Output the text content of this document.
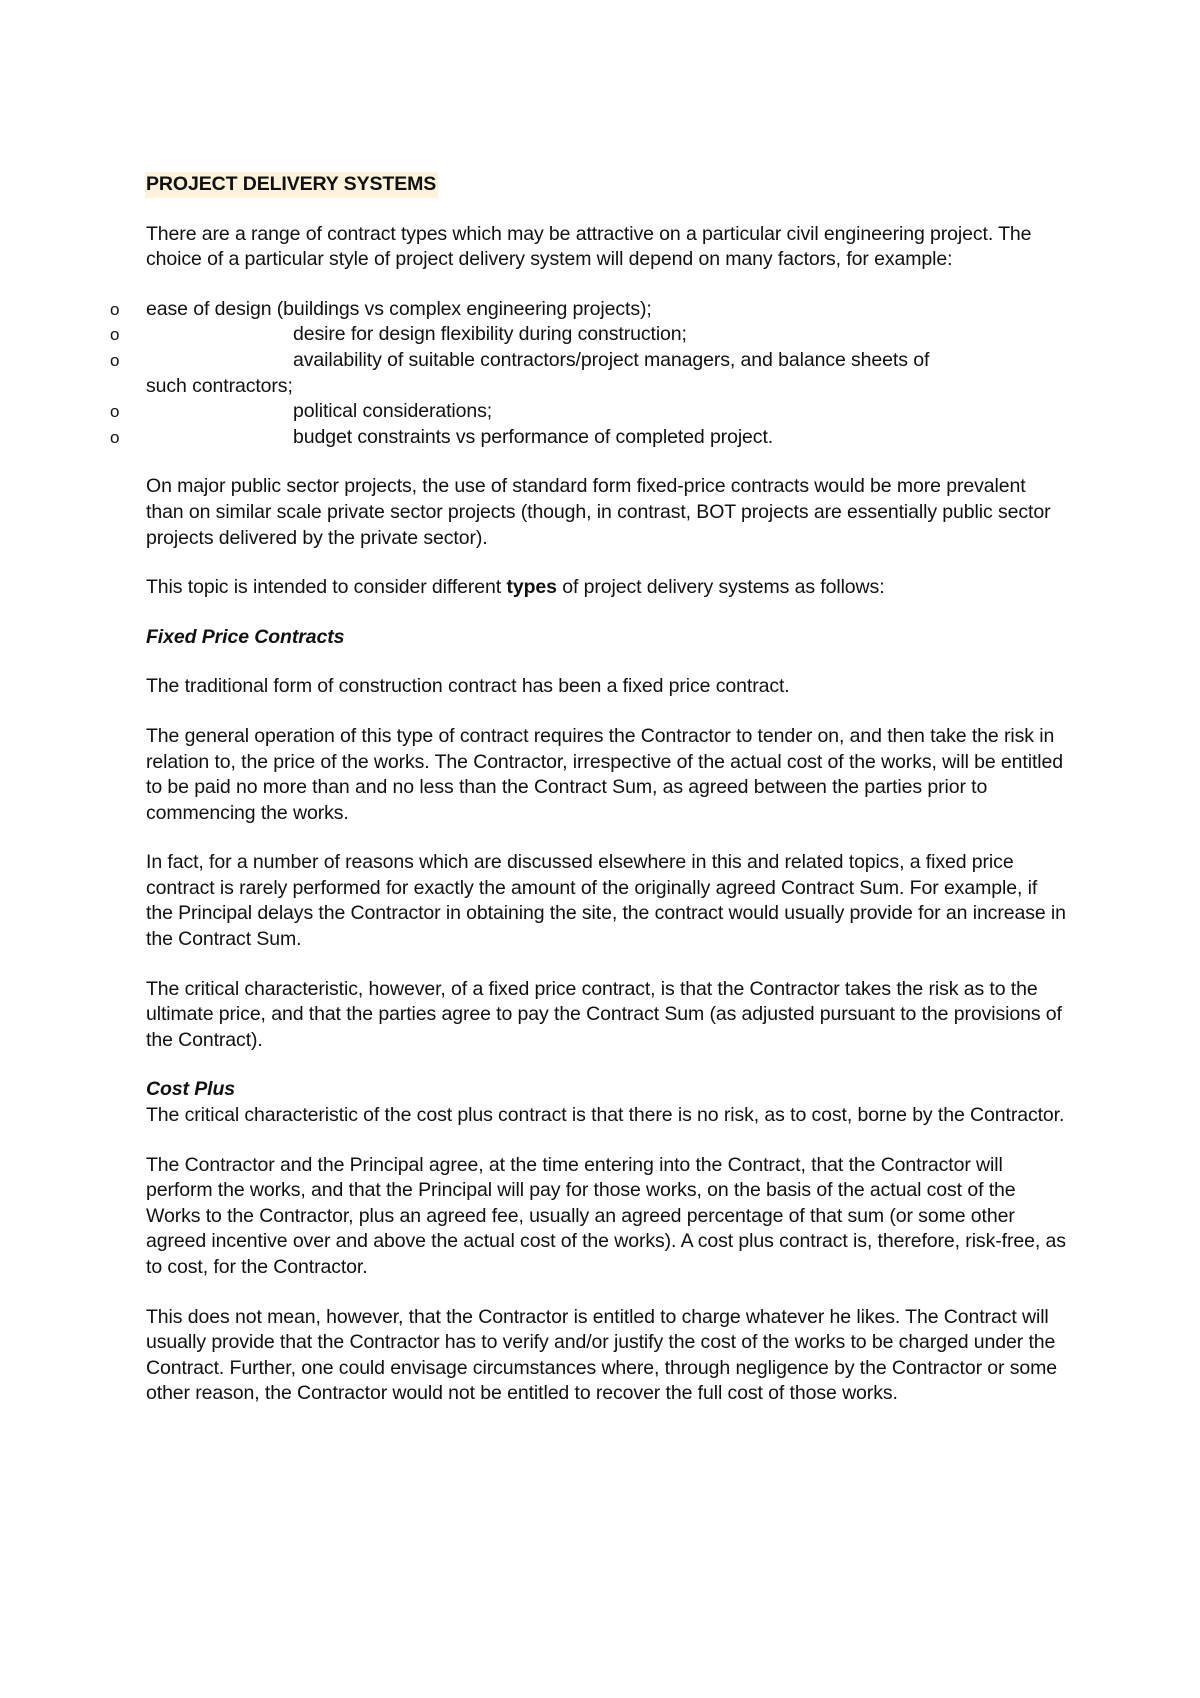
PROJECT DELIVERY SYSTEMS

There are a range of contract types which may be attractive on a particular civil engineering project. The choice of a particular style of project delivery system will depend on many factors, for example:

o ease of design (buildings vs complex engineering projects);
o	desire for design flexibility during construction;
o	availability of suitable contractors/project managers, and balance sheets of
such contractors;
o	political considerations;
o	budget constraints vs performance of completed project.

On major public sector projects, the use of standard form fixed-price contracts would be more prevalent than on similar scale private sector projects (though, in contrast, BOT projects are essentially public sector projects delivered by the private sector).

This topic is intended to consider different types of project delivery systems as follows:

Fixed Price Contracts

The traditional form of construction contract has been a fixed price contract.

The general operation of this type of contract requires the Contractor to tender on, and then take the risk in relation to, the price of the works. The Contractor, irrespective of the actual cost of the works, will be entitled to be paid no more than and no less than the Contract Sum, as agreed between the parties prior to commencing the works.

In fact, for a number of reasons which are discussed elsewhere in this and related topics, a fixed price contract is rarely performed for exactly the amount of the originally agreed Contract Sum. For example, if the Principal delays the Contractor in obtaining the site, the contract would usually provide for an increase in the Contract Sum.

The critical characteristic, however, of a fixed price contract, is that the Contractor takes the risk as to the ultimate price, and that the parties agree to pay the Contract Sum (as adjusted pursuant to the provisions of the Contract).

Cost Plus

The critical characteristic of the cost plus contract is that there is no risk, as to cost, borne by the Contractor.

The Contractor and the Principal agree, at the time entering into the Contract, that the Contractor will perform the works, and that the Principal will pay for those works, on the basis of the actual cost of the Works to the Contractor, plus an agreed fee, usually an agreed percentage of that sum (or some other agreed incentive over and above the actual cost of the works). A cost plus contract is, therefore, risk-free, as to cost, for the Contractor.

This does not mean, however, that the Contractor is entitled to charge whatever he likes. The Contract will usually provide that the Contractor has to verify and/or justify the cost of the works to be charged under the Contract. Further, one could envisage circumstances where, through negligence by the Contractor or some other reason, the Contractor would not be entitled to recover the full cost of those works.
